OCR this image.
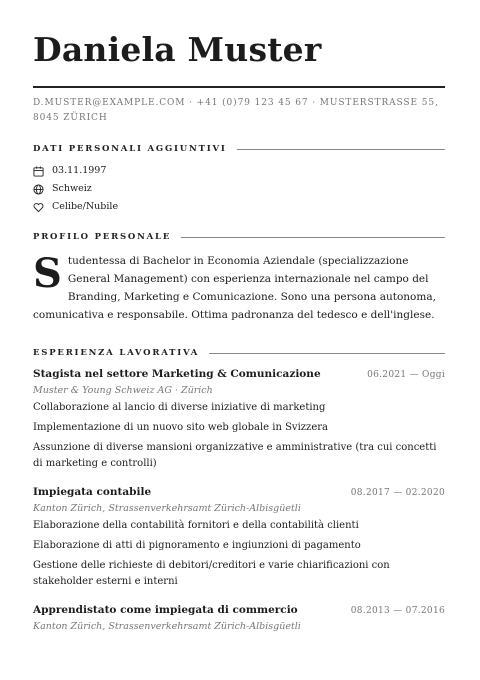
Daniela Muster
D.MUSTER@EXAMPLE.COM · +41 (0)79 123 45 67 · MUSTERSTRASSE 55,
8045 ZÜRICH
DATI PERSONALI AGGIUNTIVI
03.11.1997
Schweiz
Celibe/Nubile
PROFILO PERSONALE
S tudentessa di Bachelor in Economia Aziendale (specializzazione General Management) con esperienza internazionale nel campo del Branding, Marketing e Comunicazione. Sono una persona autonoma, comunicativa e responsabile. Ottima padronanza del tedesco e dell'inglese.
ESPERIENZA LAVORATIVA
Stagista nel settore Marketing & Comunicazione	06.2021 — Oggi
Muster & Young Schweiz AG · Zürich
Collaborazione al lancio di diverse iniziative di marketing
Implementazione di un nuovo sito web globale in Svizzera
Assunzione di diverse mansioni organizzative e amministrative (tra cui concetti di marketing e controlli)
Impiegata contabile	08.2017 — 02.2020
Kanton Zürich, Strassenverkehrsamt Zürich-Albisgüetli
Elaborazione della contabilità fornitori e della contabilità clienti
Elaborazione di atti di pignoramento e ingiunzioni di pagamento
Gestione delle richieste di debitori/creditori e varie chiarificazioni con stakeholder esterni e interni
Apprendistato come impiegata di commercio	08.2013 — 07.2016
Kanton Zürich, Strassenverkehrsamt Zürich-Albisgüetli
